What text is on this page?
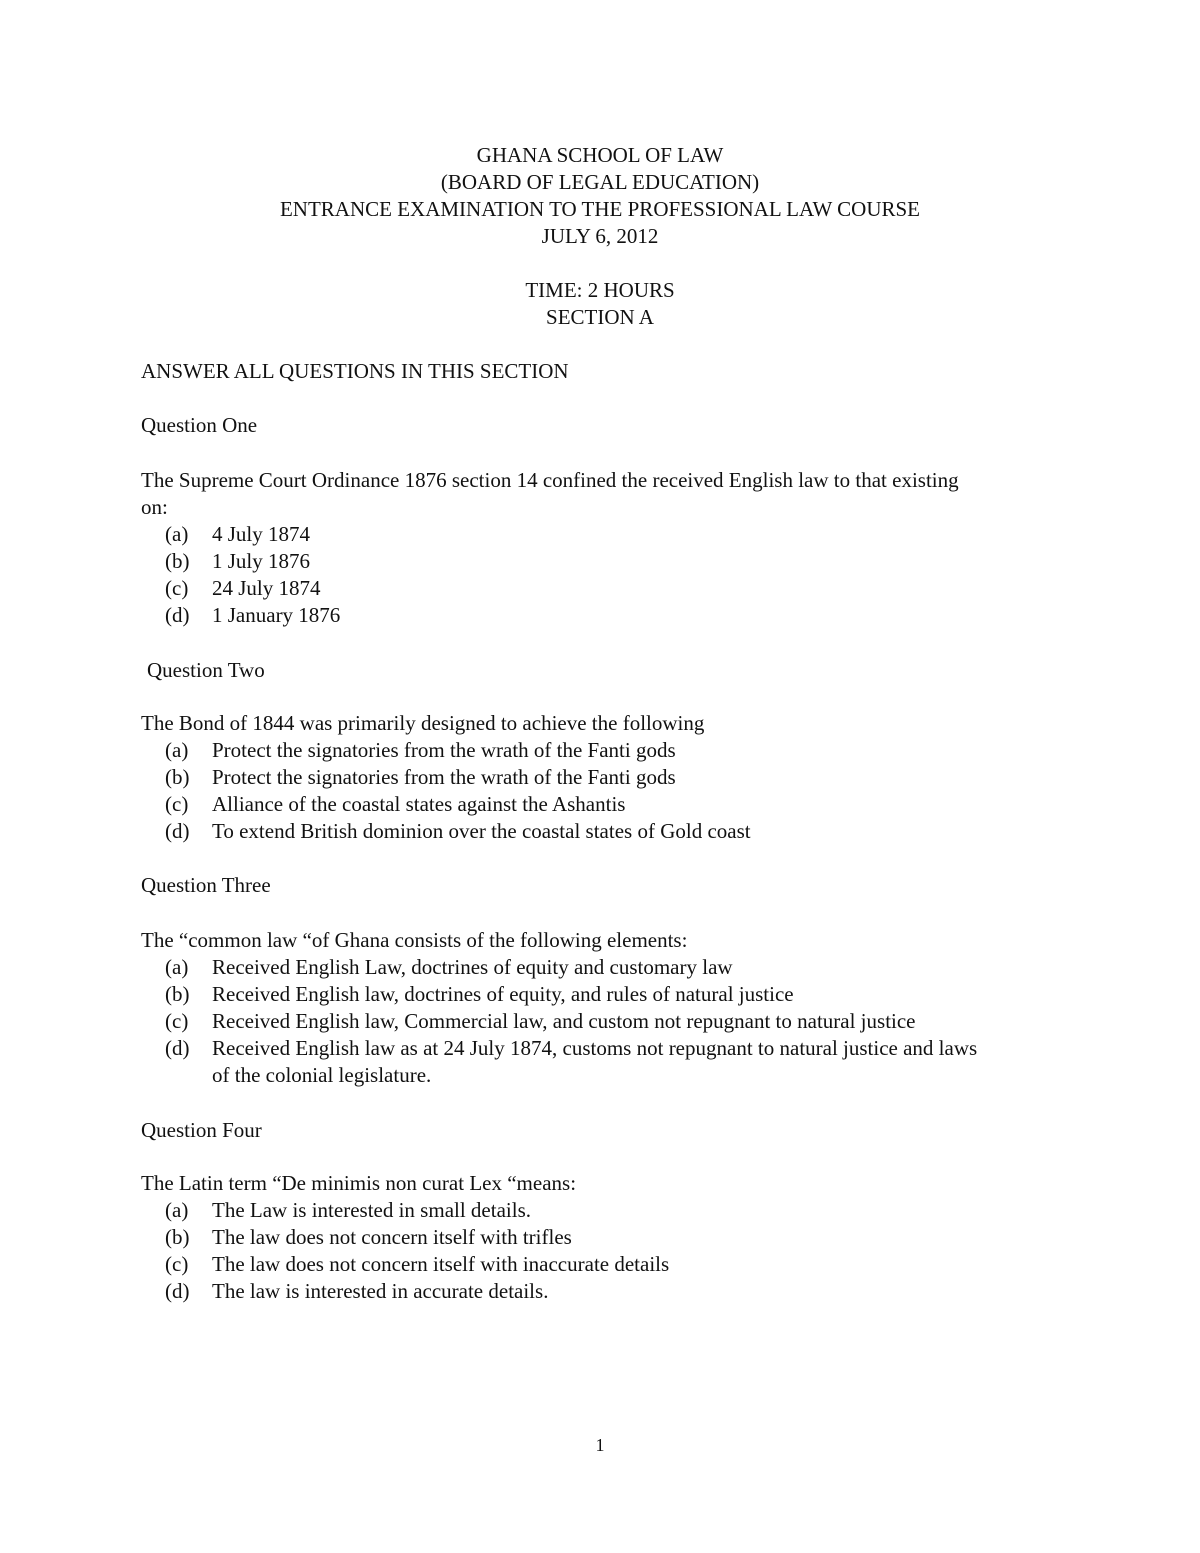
GHANA SCHOOL OF LAW

(BOARD OF LEGAL EDUCATION)

ENTRANCE EXAMINATION TO THE PROFESSIONAL LAW COURSE

JULY 6, 2012

TIME: 2 HOURS

SECTION A

ANSWER ALL QUESTIONS IN THIS SECTION

Question One

The Supreme Court Ordinance 1876 section 14 confined the received English law to that existing

on:

(a) 4 July 1874
(b) 1 July 1876
(c) 24 July 1874
(d) 1 January 1876

Question Two

The Bond of 1844 was primarily designed to achieve the following

(a) Protect the signatories from the wrath of the Fanti gods
(b) Protect the signatories from the wrath of the Fanti gods
(c) Alliance of the coastal states against the Ashantis
(d) To extend British dominion over the coastal states of Gold coast

Question Three

The “common law “of Ghana consists of the following elements:

(a) Received English Law, doctrines of equity and customary law
(b) Received English law, doctrines of equity, and rules of natural justice
(c) Received English law, Commercial law, and custom not repugnant to natural justice
(d) Received English law as at 24 July 1874, customs not repugnant to natural justice and laws
of the colonial legislature.

Question Four

The Latin term “De minimis non curat Lex “means:

(a) The Law is interested in small details.
(b) The law does not concern itself with trifles
(c) The law does not concern itself with inaccurate details
(d) The law is interested in accurate details.

1
